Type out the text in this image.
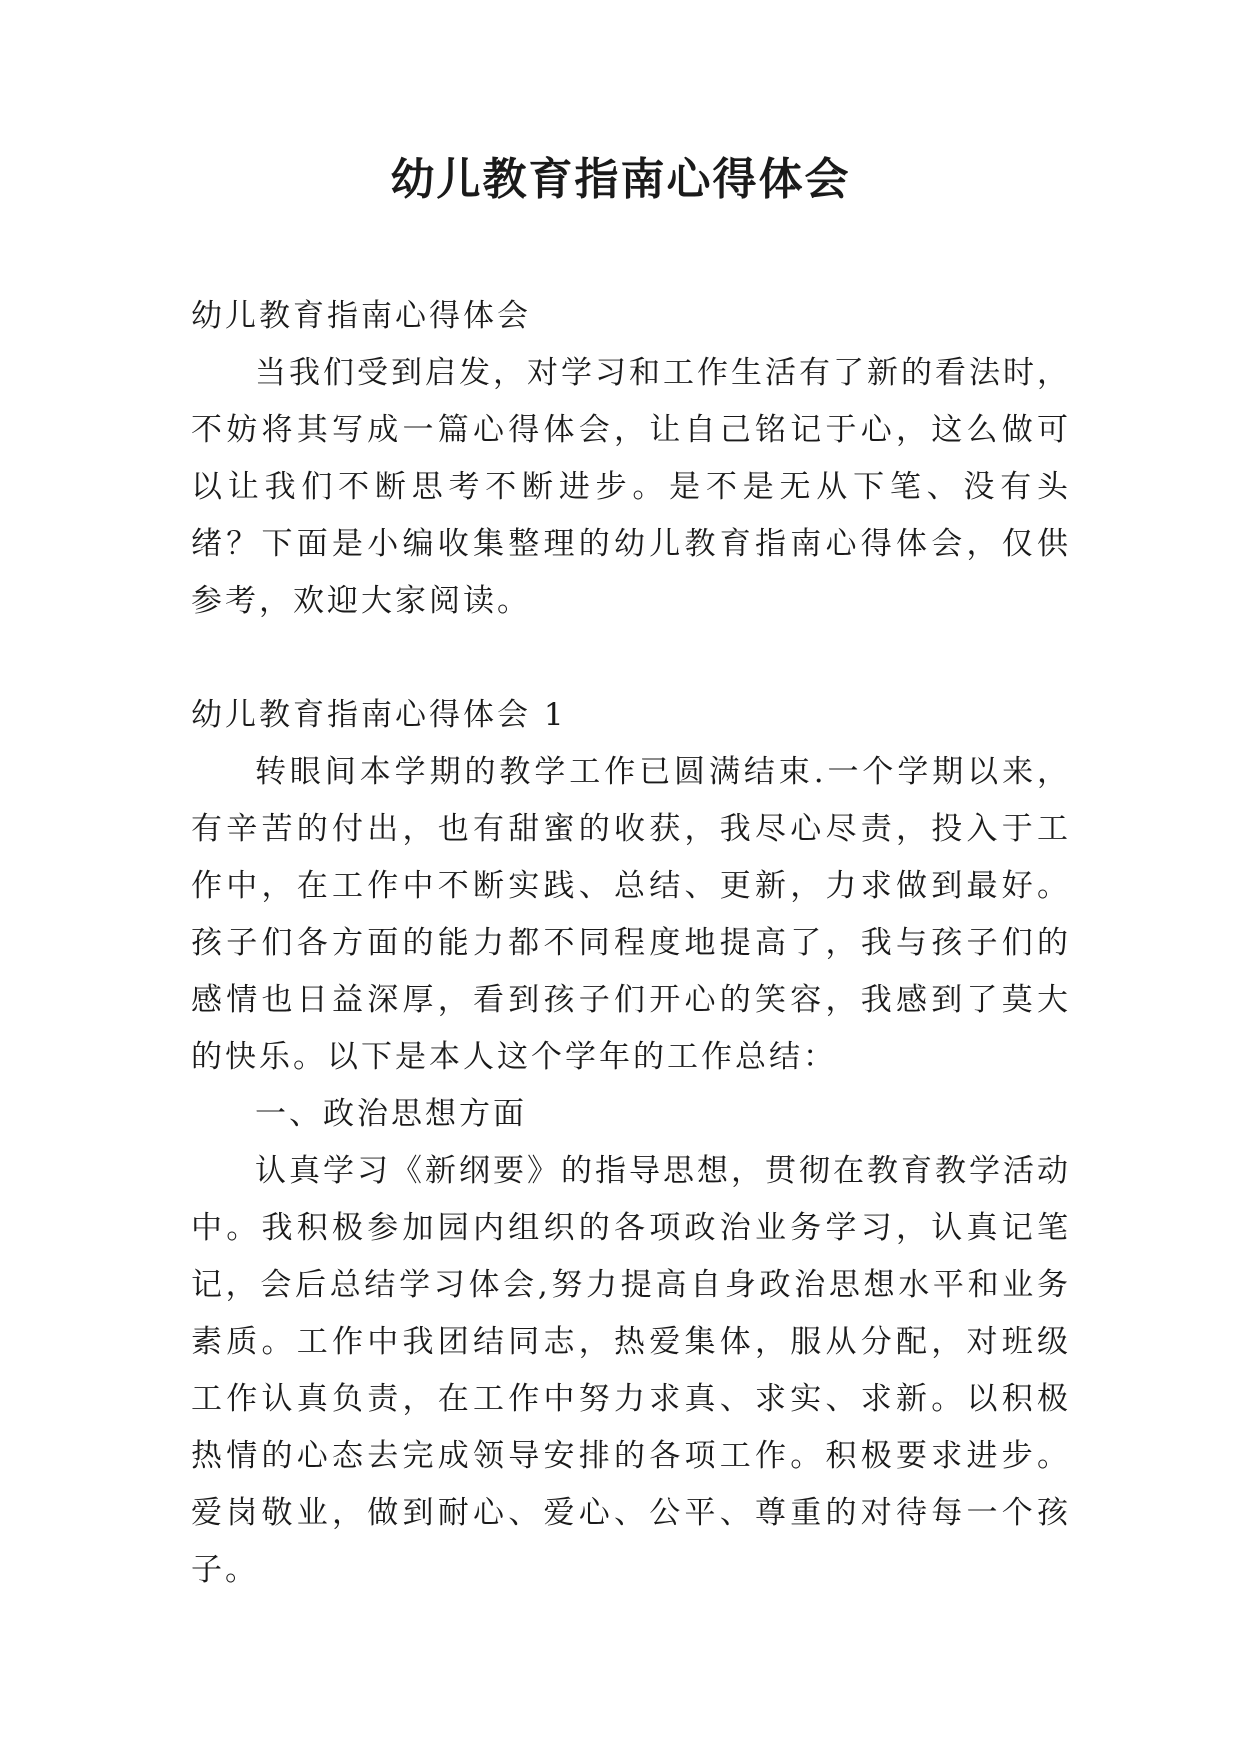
幼儿教育指南心得体会

幼儿教育指南心得体会

当我们受到启发，对学习和工作生活有了新的看法时，不妨将其写成一篇心得体会，让自己铭记于心，这么做可以让我们不断思考不断进步。是不是无从下笔、没有头绪？下面是小编收集整理的幼儿教育指南心得体会，仅供参考，欢迎大家阅读。

幼儿教育指南心得体会 1

转眼间本学期的教学工作已圆满结束.一个学期以来，有辛苦的付出，也有甜蜜的收获，我尽心尽责，投入于工作中，在工作中不断实践、总结、更新，力求做到最好。孩子们各方面的能力都不同程度地提高了，我与孩子们的感情也日益深厚，看到孩子们开心的笑容，我感到了莫大的快乐。以下是本人这个学年的工作总结：

一、政治思想方面

认真学习《新纲要》的指导思想，贯彻在教育教学活动中。我积极参加园内组织的各项政治业务学习，认真记笔记，会后总结学习体会,努力提高自身政治思想水平和业务素质。工作中我团结同志，热爱集体，服从分配，对班级工作认真负责，在工作中努力求真、求实、求新。以积极热情的心态去完成领导安排的各项工作。积极要求进步。爱岗敬业，做到耐心、爱心、公平、尊重的对待每一个孩子。
